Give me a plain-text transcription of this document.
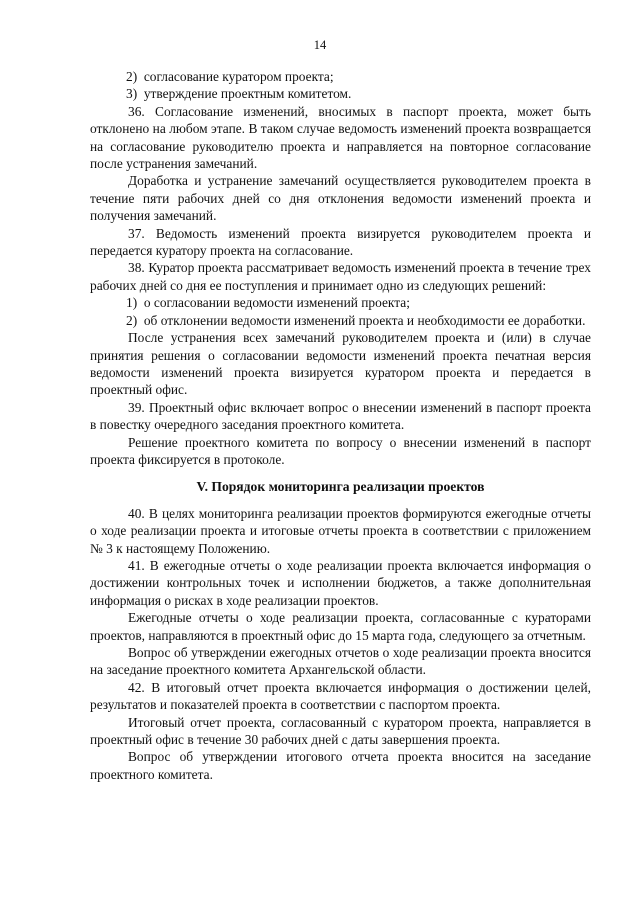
14

2)  согласование куратором проекта;

3)  утверждение проектным комитетом.

36. Согласование изменений, вносимых в паспорт проекта, может быть отклонено на любом этапе. В таком случае ведомость изменений проекта возвращается на согласование руководителю проекта и направляется на повторное согласование после устранения замечаний.

Доработка и устранение замечаний осуществляется руководителем проекта в течение пяти рабочих дней со дня отклонения ведомости изменений проекта и получения замечаний.

37. Ведомость изменений проекта визируется руководителем проекта и передается куратору проекта на согласование.

38. Куратор проекта рассматривает ведомость изменений проекта в течение трех рабочих дней со дня ее поступления и принимает одно из следующих решений:

1)  о согласовании ведомости изменений проекта;

2)  об отклонении ведомости изменений проекта и необходимости ее доработки.

После устранения всех замечаний руководителем проекта и (или) в случае принятия решения о согласовании ведомости изменений проекта печатная версия ведомости изменений проекта визируется куратором проекта и передается в проектный офис.

39. Проектный офис включает вопрос о внесении изменений в паспорт проекта в повестку очередного заседания проектного комитета.

Решение проектного комитета по вопросу о внесении изменений в паспорт проекта фиксируется в протоколе.

V. Порядок мониторинга реализации проектов

40. В целях мониторинга реализации проектов формируются ежегодные отчеты о ходе реализации проекта и итоговые отчеты проекта в соответствии с приложением № 3 к настоящему Положению.

41. В ежегодные отчеты о ходе реализации проекта включается информация о достижении контрольных точек и исполнении бюджетов, а также дополнительная информация о рисках в ходе реализации проектов.

Ежегодные отчеты о ходе реализации проекта, согласованные с кураторами проектов, направляются в проектный офис до 15 марта года, следующего за отчетным.

Вопрос об утверждении ежегодных отчетов о ходе реализации проекта вносится на заседание проектного комитета Архангельской области.

42. В итоговый отчет проекта включается информация о достижении целей, результатов и показателей проекта в соответствии с паспортом проекта.

Итоговый отчет проекта, согласованный с куратором проекта, направляется в проектный офис в течение 30 рабочих дней с даты завершения проекта.

Вопрос об утверждении итогового отчета проекта вносится на заседание проектного комитета.
